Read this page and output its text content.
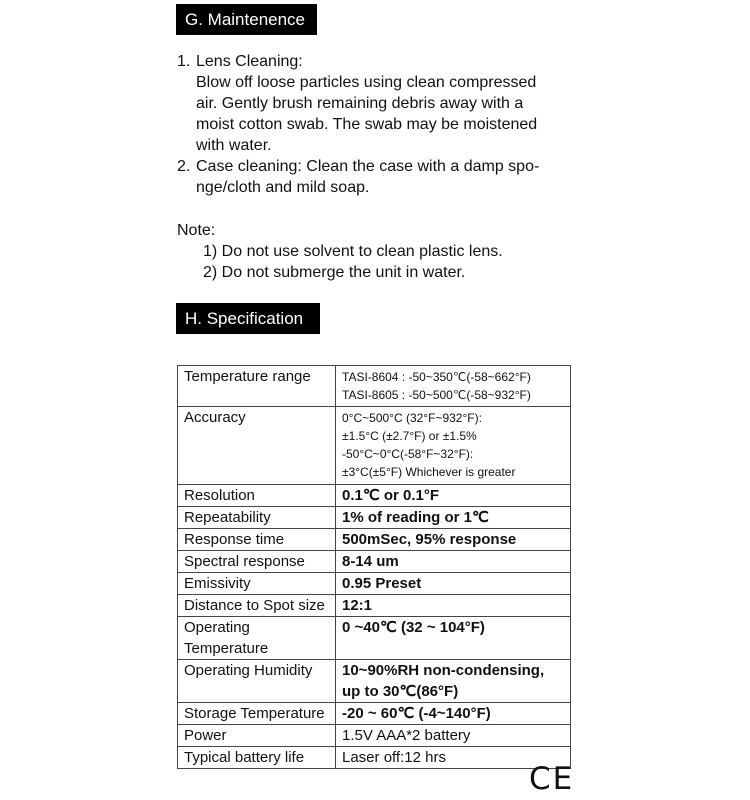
G. Maintenence
1. Lens Cleaning:
Blow off loose particles using clean compressed
air. Gently brush remaining debris away with a
moist cotton swab. The swab may be moistened
with water.
2. Case cleaning: Clean the case with a damp spo-
nge/cloth and mild soap.
Note:
1) Do not use solvent to clean plastic lens.
2) Do not submerge the unit in water.
H. Specification
Temperature range	TASI-8604 : -50~350℃(-58~662°F)
TASI-8605 : -50~500℃(-58~932°F)

Accuracy	0°C~500°C (32°F~932°F):
±1.5°C (±2.7°F) or ±1.5%
-50°C~0°C(-58°F~32°F):
±3°C(±5°F) Whichever is greater

Resolution	0.1℃ or 0.1°F
Repeatability	1% of reading or 1℃
Response time	500mSec, 95% response
Spectral response	8-14 um
Emissivity	0.95 Preset
Distance to Spot size	12:1
Operating Temperature	0 ~40℃ (32 ~ 104°F)
Operating Humidity	10~90%RH non-condensing,
up to 30℃(86°F)

Storage Temperature	-20 ~ 60℃ (-4~140°F)
Power	1.5V AAA*2 battery
Typical battery life	Laser off:12 hrs
CE
